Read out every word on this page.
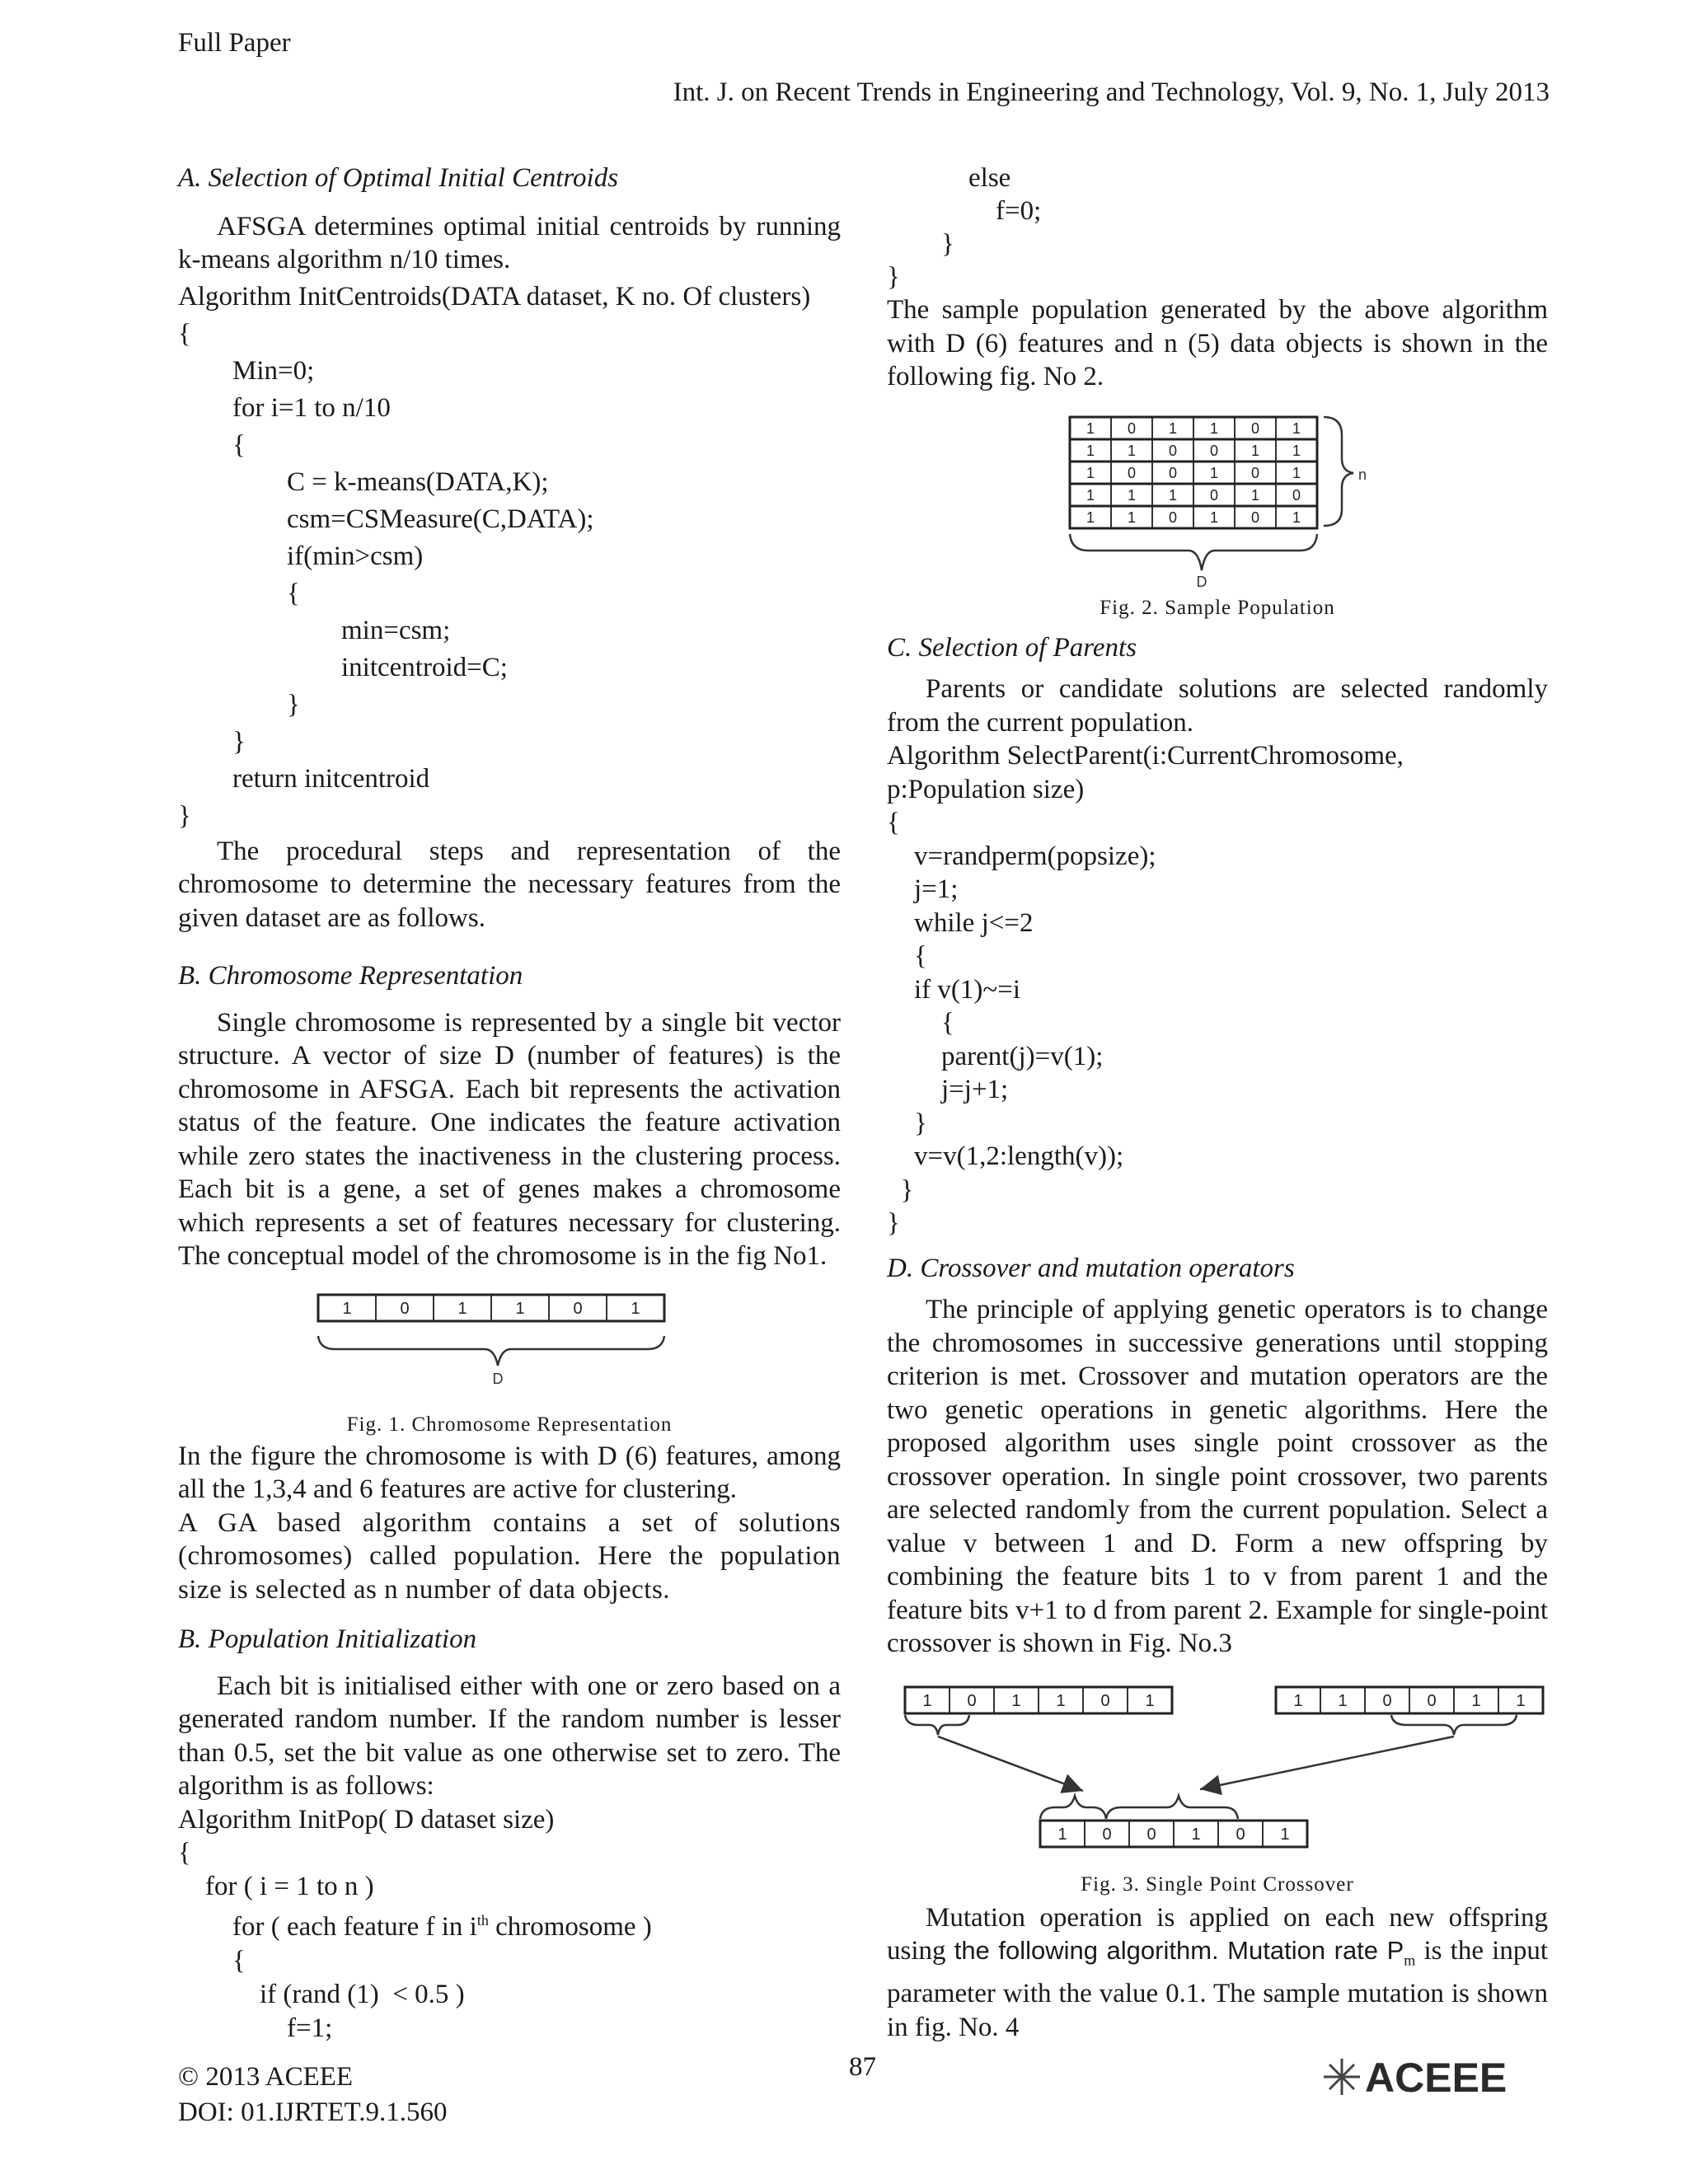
Full Paper
Int. J. on Recent Trends in Engineering and Technology, Vol. 9, No. 1, July 2013

A. Selection of Optimal Initial Centroids

AFSGA determines optimal initial centroids by running k-means algorithm n/10 times.

Algorithm InitCentroids(DATA dataset, K no. Of clusters)
{
Min=0;
for i=1 to n/10
{
C = k-means(DATA,K);
csm=CSMeasure(C,DATA);
if(min>csm)
{
min=csm;
initcentroid=C;
}
}
return initcentroid
}

The procedural steps and representation of the chromosome to determine the necessary features from the given dataset are as follows.

B. Chromosome Representation

Single chromosome is represented by a single bit vector structure. A vector of size D (number of features) is the chromosome in AFSGA. Each bit represents the activation status of the feature. One indicates the feature activation while zero states the inactiveness in the clustering process. Each bit is a gene, a set of genes makes a chromosome which represents a set of features necessary for clustering. The conceptual model of the chromosome is in the fig No1.

1	0	1	1	0	1
D
Fig. 1. Chromosome Representation

In the figure the chromosome is with D (6) features, among all the 1,3,4 and 6 features are active for clustering.

A GA based algorithm contains a set of solutions (chromosomes) called population. Here the population size is selected as n number of data objects.

B. Population Initialization

Each bit is initialised either with one or zero based on a generated random number. If the random number is lesser than 0.5, set the bit value as one otherwise set to zero. The algorithm is as follows:

Algorithm InitPop( D dataset size)

{
for ( i = 1 to n )
for ( each feature f in $i^{th}$ chromosome )
{
if (rand (1)  < 0.5 )
f=1;
else
f=0;
}
}

The sample population generated by the above algorithm with D (6) features and n (5) data objects is shown in the following fig. No 2.

1 0 1 1 0 1
1 1 0 0 1 1
1 0 0 1 0 1
1 1 1 0 1 0
1 1 0 1 0 1
n
D
Fig. 2. Sample Population

C. Selection of Parents

Parents or candidate solutions are selected randomly from the current population.

Algorithm SelectParent(i:CurrentChromosome, p:Population size)

{
v=randperm(popsize);
j=1;
while j<=2
{
if v(1)~=i
{
parent(j)=v(1);
j=j+1;
}
v=v(1,2:length(v));
}
}

D. Crossover and mutation operators

The principle of applying genetic operators is to change the chromosomes in successive generations until stopping criterion is met. Crossover and mutation operators are the two genetic operations in genetic algorithms. Here the proposed algorithm uses single point crossover as the crossover operation. In single point crossover, two parents are selected randomly from the current population. Select a value v between 1 and D. Form a new offspring by combining the feature bits 1 to v from parent 1 and the feature bits v+1 to d from parent 2. Example for single-point crossover is shown in Fig. No.3

1 0 1 1 0 1	1 1 0 0 1 1
1 0 0 1 0 1
Fig. 3. Single Point Crossover

Mutation operation is applied on each new offspring using the following algorithm. Mutation rate $P_m$ is the input parameter with the value 0.1. The sample mutation is shown in fig. No. 4

© 2013 ACEEE
DOI: 01.IJRTET.9.1.560
87	ACEEE
